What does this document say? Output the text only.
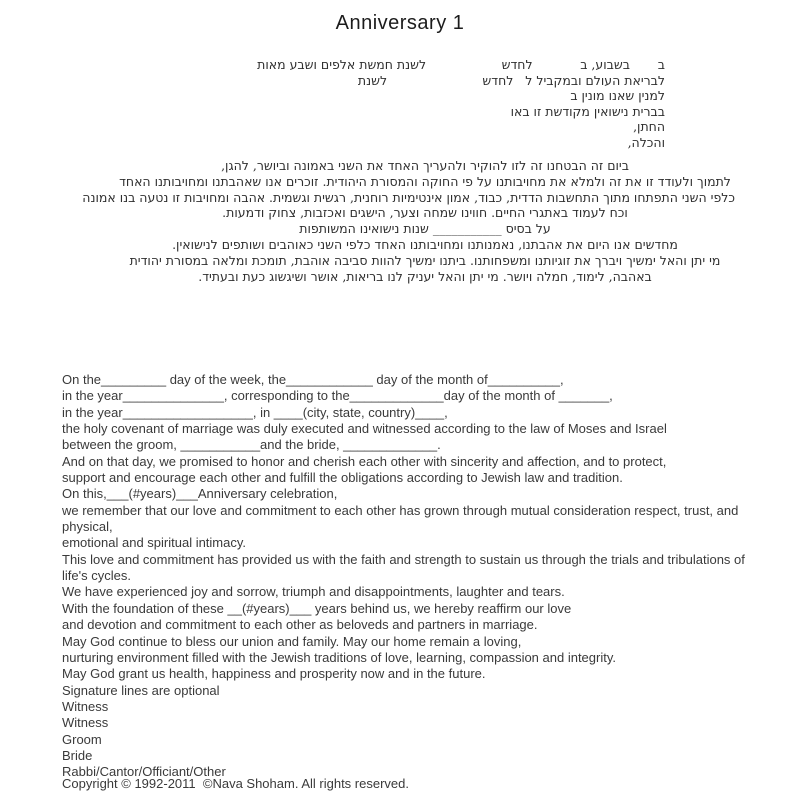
Anniversary 1
ב       בשבוע, ב            לחדש                   לשנת חמשת אלפים ושבע מאות
לבריאת העולם ובמקביל ל   לחדש                        לשנת
למנין שאנו מונין ב
בברית נישואין מקודשת זו באו
החתן,
והכלה,
ביום זה הבטחנו זה לזו להוקיר ולהעריך האחד את השני באמונה וביושר, להגן,
לתמוך ולעודד זו את זה ולמלא את מחויבותנו על פי החוקה והמסורת היהודית. זוכרים אנו שאהבתנו ומחויבותנו האחד
כלפי השני התפתחו מתוך התחשבות הדדית, כבוד, אמון אינטימיות רוחנית, רגשית וגשמית. אהבה ומחויבות זו נטעה בנו אמונה
וכח לעמוד באתגרי החיים. חווינו שמחה וצער, הישגים ואכזבות, צחוק ודמעות.
על בסיס ___________ שנות נישואינו המשותפות
מחדשים אנו היום את אהבתנו, נאמנותנו ומחויבותנו האחד כלפי השני כאוהבים ושותפים לנישואין.
מי יתן והאל ימשיך ויברך את זוגיותנו ומשפחותנו. ביתנו ימשיך להוות סביבה אוהבת, תומכת ומלאה במסורת יהודית
באהבה, לימוד, חמלה ויושר. מי יתן והאל יעניק לנו בריאות, אושר ושיגשוג כעת ובעתיד.
On the_________ day of the week, the____________ day of the month of__________,
in the year______________, corresponding to the_____________day of the month of _______,
in the year__________________, in ____(city, state, country)____,
the holy covenant of marriage was duly executed and witnessed according to the law of Moses and Israel
between the groom, ___________and the bride, _____________.
And on that day, we promised to honor and cherish each other with sincerity and affection, and to protect,
support and encourage each other and fulfill the obligations according to Jewish law and tradition.
On this,___(#years)___Anniversary celebration,
we remember that our love and commitment to each other has grown through mutual consideration respect, trust, and
physical,
emotional and spiritual intimacy.
This love and commitment has provided us with the faith and strength to sustain us through the trials and tribulations of
life's cycles.
We have experienced joy and sorrow, triumph and disappointments, laughter and tears.
With the foundation of these __(#years)___ years behind us, we hereby reaffirm our love
and devotion and commitment to each other as beloveds and partners in marriage.
May God continue to bless our union and family. May our home remain a loving,
nurturing environment filled with the Jewish traditions of love, learning, compassion and integrity.
May God grant us health, happiness and prosperity now and in the future.
Signature lines are optional
Witness
Witness
Groom
Bride
Rabbi/Cantor/Officiant/Other
Copyright © 1992-2011  ©Nava Shoham. All rights reserved.
